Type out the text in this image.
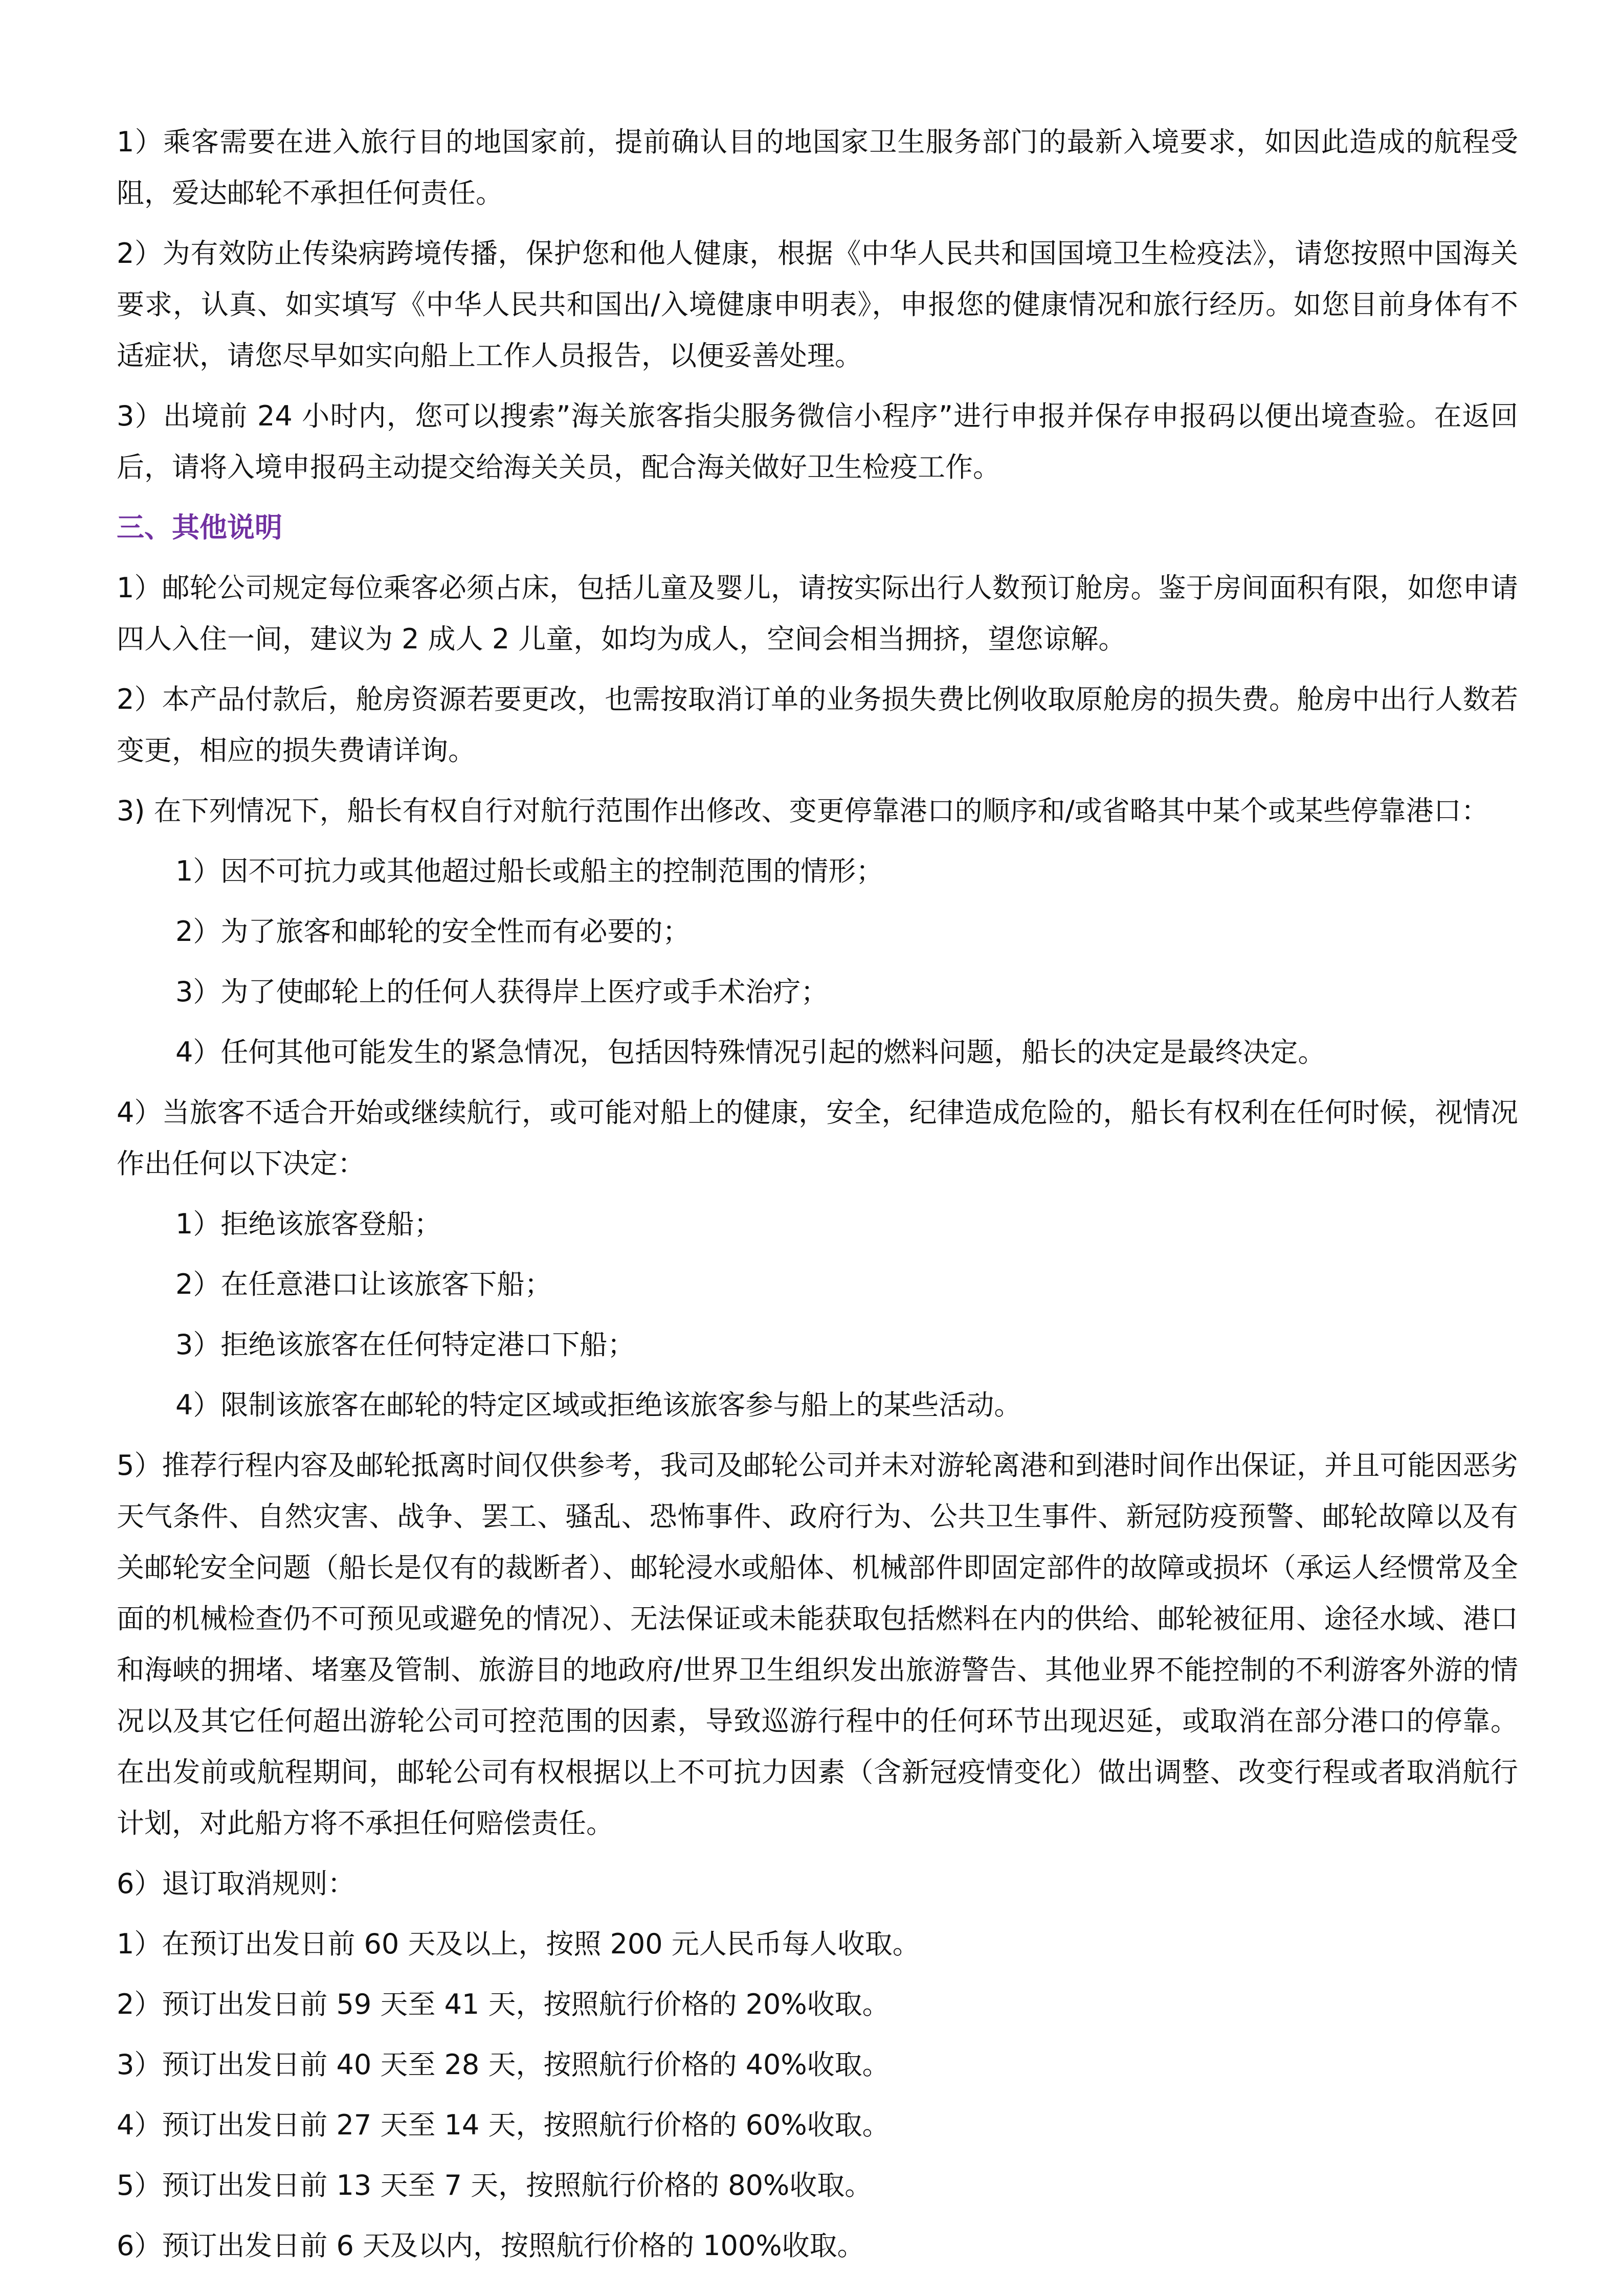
1）乘客需要在进入旅行目的地国家前，提前确认目的地国家卫生服务部门的最新入境要求，如因此造成的航程受阻，爱达邮轮不承担任何责任。

2）为有效防止传染病跨境传播，保护您和他人健康，根据《中华人民共和国国境卫生检疫法》，请您按照中国海关要求，认真、如实填写《中华人民共和国出/入境健康申明表》，申报您的健康情况和旅行经历。如您目前身体有不适症状，请您尽早如实向船上工作人员报告，以便妥善处理。

3）出境前 24 小时内，您可以搜索”海关旅客指尖服务微信小程序”进行申报并保存申报码以便出境查验。在返回后，请将入境申报码主动提交给海关关员，配合海关做好卫生检疫工作。

三、其他说明

1）邮轮公司规定每位乘客必须占床，包括儿童及婴儿，请按实际出行人数预订舱房。鉴于房间面积有限，如您申请四人入住一间，建议为 2 成人 2 儿童，如均为成人，空间会相当拥挤，望您谅解。

2）本产品付款后，舱房资源若要更改，也需按取消订单的业务损失费比例收取原舱房的损失费。舱房中出行人数若变更，相应的损失费请详询。

3) 在下列情况下，船长有权自行对航行范围作出修改、变更停靠港口的顺序和/或省略其中某个或某些停靠港口：

1）因不可抗力或其他超过船长或船主的控制范围的情形；

2）为了旅客和邮轮的安全性而有必要的；

3）为了使邮轮上的任何人获得岸上医疗或手术治疗；

4）任何其他可能发生的紧急情况，包括因特殊情况引起的燃料问题，船长的决定是最终决定。

4）当旅客不适合开始或继续航行，或可能对船上的健康，安全，纪律造成危险的，船长有权利在任何时候，视情况作出任何以下决定：

1）拒绝该旅客登船；

2）在任意港口让该旅客下船；

3）拒绝该旅客在任何特定港口下船；

4）限制该旅客在邮轮的特定区域或拒绝该旅客参与船上的某些活动。

5）推荐行程内容及邮轮抵离时间仅供参考，我司及邮轮公司并未对游轮离港和到港时间作出保证，并且可能因恶劣天气条件、自然灾害、战争、罢工、骚乱、恐怖事件、政府行为、公共卫生事件、新冠防疫预警、邮轮故障以及有关邮轮安全问题（船长是仅有的裁断者）、邮轮浸水或船体、机械部件即固定部件的故障或损坏（承运人经惯常及全面的机械检查仍不可预见或避免的情况）、无法保证或未能获取包括燃料在内的供给、邮轮被征用、途径水域、港口和海峡的拥堵、堵塞及管制、旅游目的地政府/世界卫生组织发出旅游警告、其他业界不能控制的不利游客外游的情况以及其它任何超出游轮公司可控范围的因素，导致巡游行程中的任何环节出现迟延，或取消在部分港口的停靠。在出发前或航程期间，邮轮公司有权根据以上不可抗力因素（含新冠疫情变化）做出调整、改变行程或者取消航行计划，对此船方将不承担任何赔偿责任。

6）退订取消规则：

1）在预订出发日前 60 天及以上，按照 200 元人民币每人收取。

2）预订出发日前 59 天至 41 天，按照航行价格的 20%收取。

3）预订出发日前 40 天至 28 天，按照航行价格的 40%收取。

4）预订出发日前 27 天至 14 天，按照航行价格的 60%收取。

5）预订出发日前 13 天至 7 天，按照航行价格的 80%收取。

6）预订出发日前 6 天及以内，按照航行价格的 100%收取。
